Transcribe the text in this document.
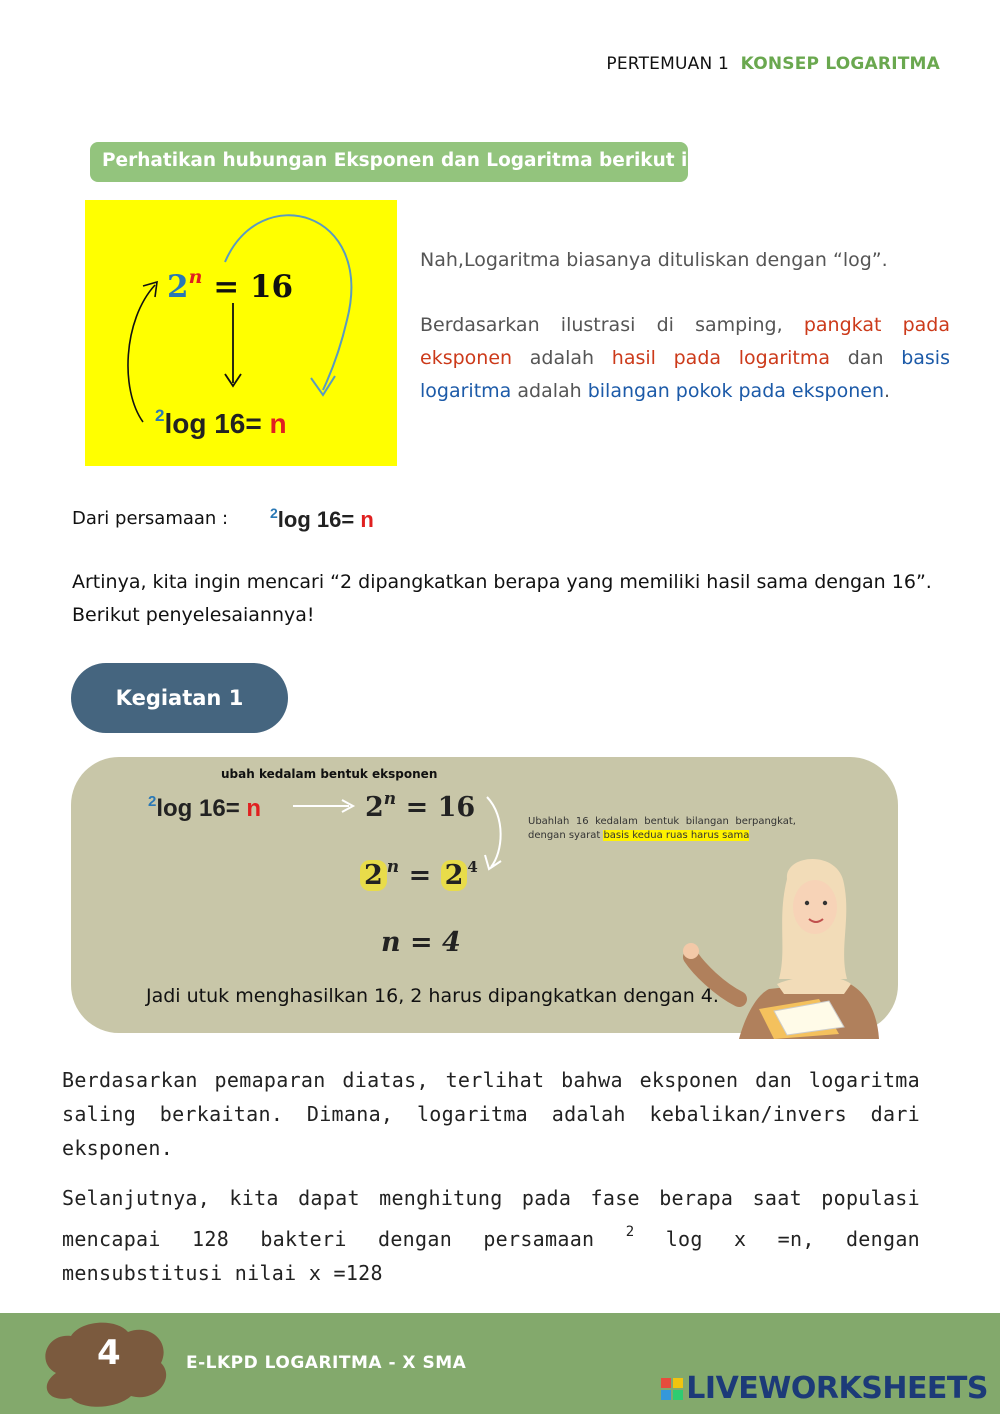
PERTEMUAN 1 KONSEP LOGARITMA
Perhatikan hubungan Eksponen dan Logaritma berikut ini!
$2^n = 16$
$^2$log 16= n

Nah,Logaritma biasanya dituliskan dengan “log”.

Berdasarkan ilustrasi di samping, pangkat pada eksponen adalah hasil pada logaritma dan basis logaritma adalah bilangan pokok pada eksponen.

Dari persamaan :	$^2$log 16= n
Artinya, kita ingin mencari “2 dipangkatkan berapa yang memiliki hasil sama dengan 16”.
Berikut penyelesaiannya!
Kegiatan 1
ubah kedalam bentuk eksponen
$^2$log 16= n	$2^n = 16$
2 $^n$ = 2 $^4$
n = 4
Ubahlah 16 kedalam bentuk bilangan berpangkat, dengan syarat basis kedua ruas harus sama
Jadi utuk menghasilkan 16, 2 harus dipangkatkan dengan 4.
Berdasarkan pemaparan diatas, terlihat bahwa eksponen dan logaritma saling berkaitan. Dimana, logaritma adalah kebalikan/invers dari eksponen.
Selanjutnya, kita dapat menghitung pada fase berapa saat populasi mencapai 128 bakteri dengan persamaan $^2$ log x =n, dengan mensubstitusi nilai x =128
4	E-LKPD LOGARITMA - X SMA
LIVEWORKSHEETS
